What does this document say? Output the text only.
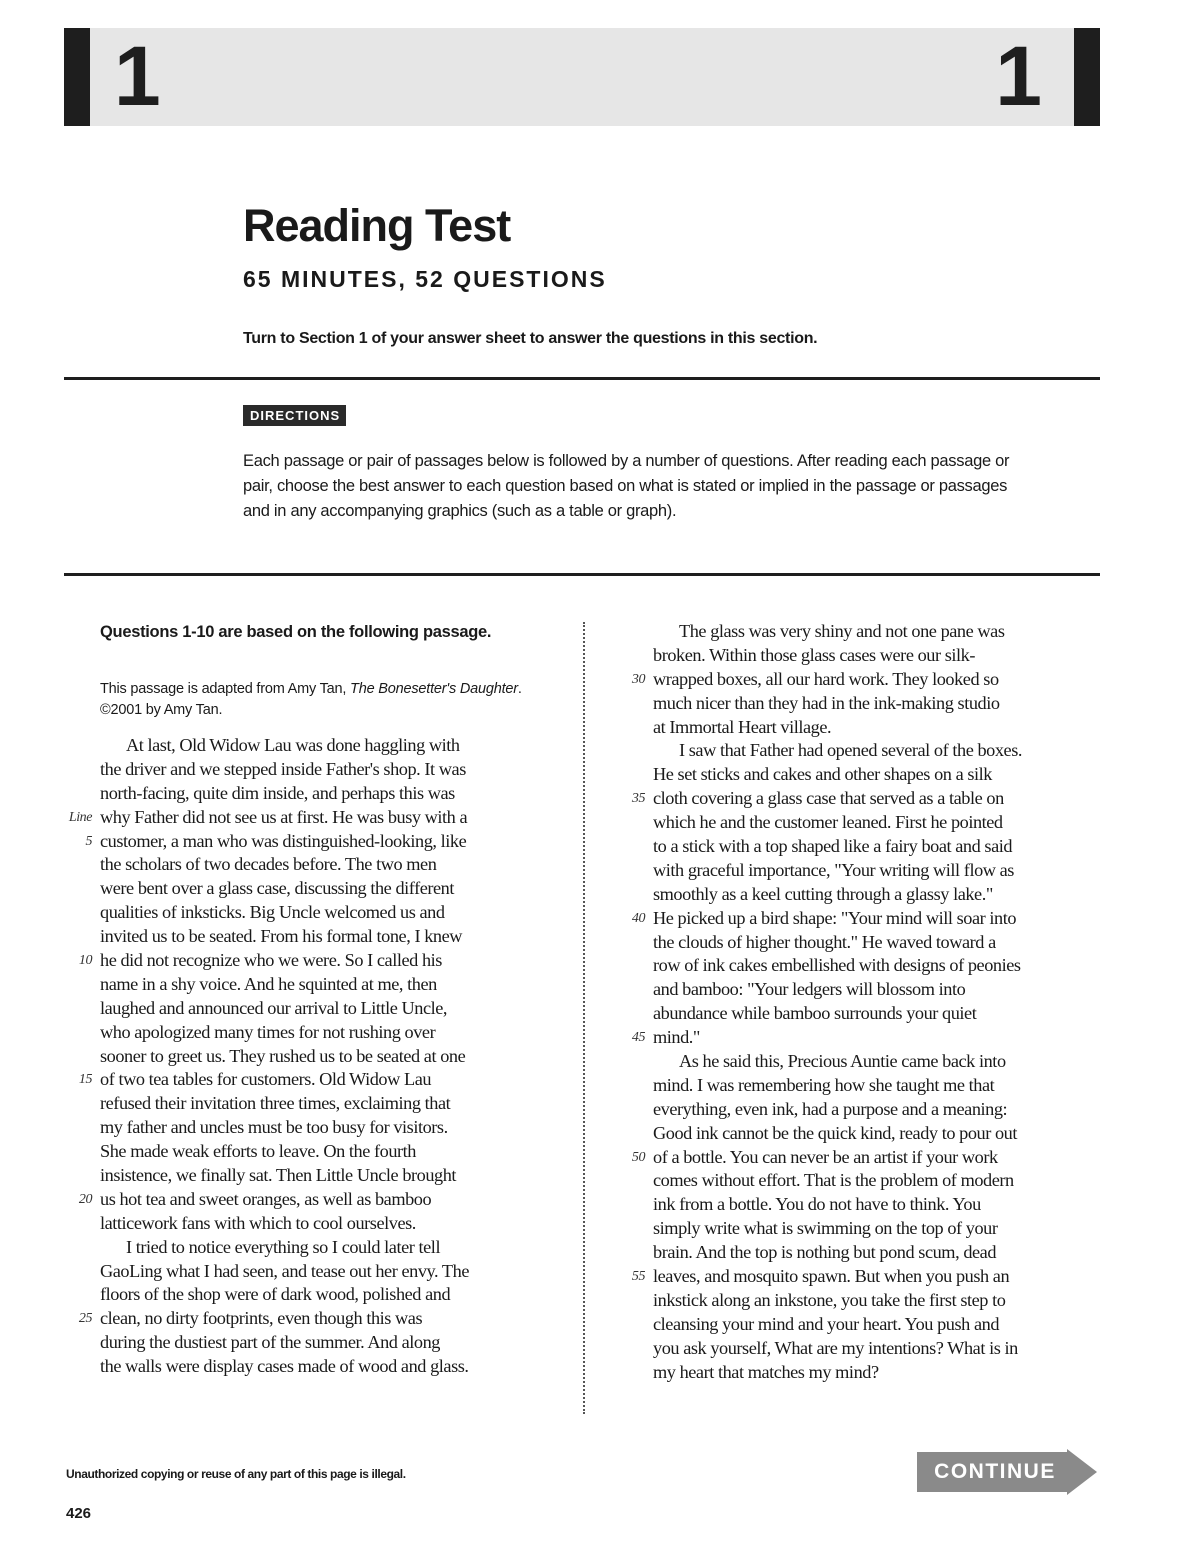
1	1
Reading Test
65 MINUTES, 52 QUESTIONS
Turn to Section 1 of your answer sheet to answer the questions in this section.
DIRECTIONS
Each passage or pair of passages below is followed by a number of questions. After reading each passage or pair, choose the best answer to each question based on what is stated or implied in the passage or passages and in any accompanying graphics (such as a table or graph).
Questions 1-10 are based on the following passage.
This passage is adapted from Amy Tan, The Bonesetter's Daughter. ©2001 by Amy Tan.
At last, Old Widow Lau was done haggling with
the driver and we stepped inside Father's shop. It was
north-facing, quite dim inside, and perhaps this was
Line why Father did not see us at first. He was busy with a
5 customer, a man who was distinguished-looking, like
the scholars of two decades before. The two men
were bent over a glass case, discussing the different
qualities of inksticks. Big Uncle welcomed us and
invited us to be seated. From his formal tone, I knew
10 he did not recognize who we were. So I called his
name in a shy voice. And he squinted at me, then
laughed and announced our arrival to Little Uncle,
who apologized many times for not rushing over
sooner to greet us. They rushed us to be seated at one
15 of two tea tables for customers. Old Widow Lau
refused their invitation three times, exclaiming that
my father and uncles must be too busy for visitors.
She made weak efforts to leave. On the fourth
insistence, we finally sat. Then Little Uncle brought
20 us hot tea and sweet oranges, as well as bamboo
latticework fans with which to cool ourselves.
I tried to notice everything so I could later tell
GaoLing what I had seen, and tease out her envy. The
floors of the shop were of dark wood, polished and
25 clean, no dirty footprints, even though this was
during the dustiest part of the summer. And along
the walls were display cases made of wood and glass.
The glass was very shiny and not one pane was
broken. Within those glass cases were our silk-
30 wrapped boxes, all our hard work. They looked so
much nicer than they had in the ink-making studio
at Immortal Heart village.
I saw that Father had opened several of the boxes.
He set sticks and cakes and other shapes on a silk
35 cloth covering a glass case that served as a table on
which he and the customer leaned. First he pointed
to a stick with a top shaped like a fairy boat and said
with graceful importance, "Your writing will flow as
smoothly as a keel cutting through a glassy lake."
40 He picked up a bird shape: "Your mind will soar into
the clouds of higher thought." He waved toward a
row of ink cakes embellished with designs of peonies
and bamboo: "Your ledgers will blossom into
abundance while bamboo surrounds your quiet
45 mind."
As he said this, Precious Auntie came back into
mind. I was remembering how she taught me that
everything, even ink, had a purpose and a meaning:
Good ink cannot be the quick kind, ready to pour out
50 of a bottle. You can never be an artist if your work
comes without effort. That is the problem of modern
ink from a bottle. You do not have to think. You
simply write what is swimming on the top of your
brain. And the top is nothing but pond scum, dead
55 leaves, and mosquito spawn. But when you push an
inkstick along an inkstone, you take the first step to
cleansing your mind and your heart. You push and
you ask yourself, What are my intentions? What is in
my heart that matches my mind?
Unauthorized copying or reuse of any part of this page is illegal.
426
CONTINUE
